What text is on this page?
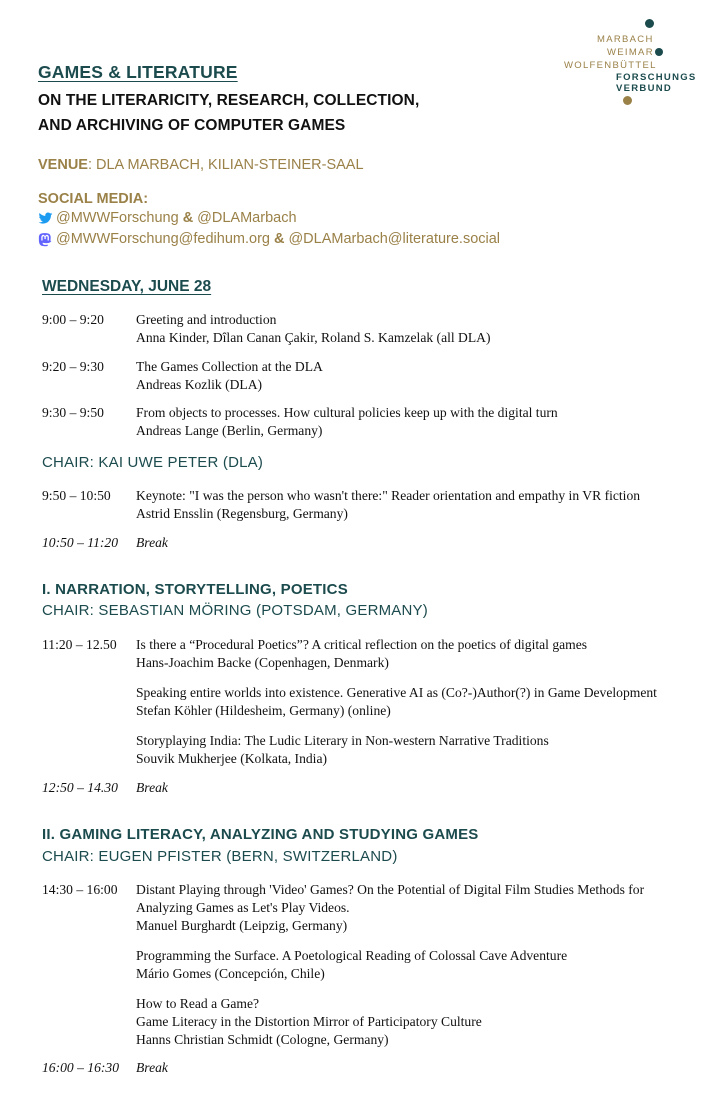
MARBACH
WEIMAR
WOLFENBÜTTEL
FORSCHUNGS
VERBUND
GAMES & LITERATURE
ON THE LITERARICITY, RESEARCH, COLLECTION,
AND ARCHIVING OF COMPUTER GAMES
VENUE: DLA MARBACH, KILIAN-STEINER-SAAL
SOCIAL MEDIA:
@MWWForschung & @DLAMarbach
@MWWForschung@fedihum.org & @DLAMarbach@literature.social
WEDNESDAY, JUNE 28
9:00 – 9:20	Greeting and introduction
Anna Kinder, Dîlan Canan Çakir, Roland S. Kamzelak (all DLA)
9:20 – 9:30	The Games Collection at the DLA
Andreas Kozlik (DLA)
9:30 – 9:50	From objects to processes. How cultural policies keep up with the digital turn
Andreas Lange (Berlin, Germany)
CHAIR: KAI UWE PETER (DLA)
9:50 – 10:50	Keynote: "I was the person who wasn't there:" Reader orientation and empathy in VR fiction
Astrid Ensslin (Regensburg, Germany)
10:50 – 11:20	Break
I. NARRATION, STORYTELLING, POETICS
CHAIR: SEBASTIAN MÖRING (POTSDAM, GERMANY)
11:20 – 12.50	Is there a “Procedural Poetics”? A critical reflection on the poetics of digital games
Hans-Joachim Backe (Copenhagen, Denmark)
Speaking entire worlds into existence. Generative AI as (Co?-)Author(?) in Game Development
Stefan Köhler (Hildesheim, Germany) (online)
Storyplaying India: The Ludic Literary in Non-western Narrative Traditions
Souvik Mukherjee (Kolkata, India)
12:50 – 14.30	Break
II. GAMING LITERACY, ANALYZING AND STUDYING GAMES
CHAIR: EUGEN PFISTER (BERN, SWITZERLAND)
14:30 – 16:00	Distant Playing through 'Video' Games? On the Potential of Digital Film Studies Methods for
Analyzing Games as Let's Play Videos.
Manuel Burghardt (Leipzig, Germany)
Programming the Surface. A Poetological Reading of Colossal Cave Adventure
Mário Gomes (Concepción, Chile)
How to Read a Game?
Game Literacy in the Distortion Mirror of Participatory Culture
Hanns Christian Schmidt (Cologne, Germany)
16:00 – 16:30	Break
